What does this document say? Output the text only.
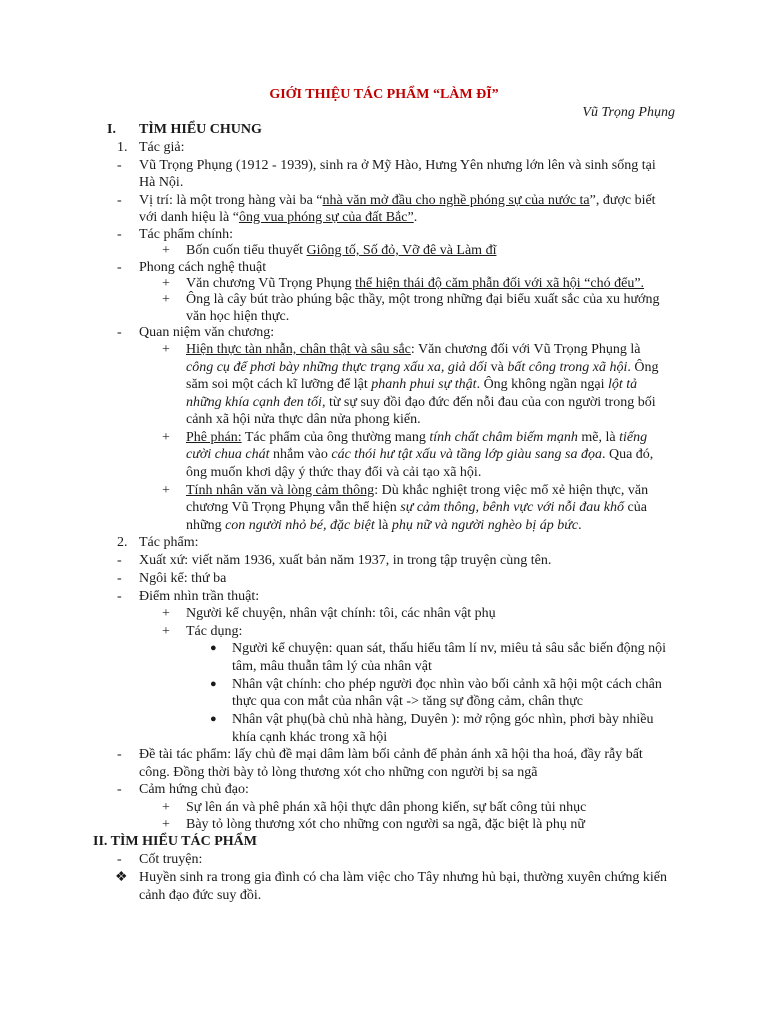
GIỚI THIỆU TÁC PHẨM “LÀM ĐĨ”
Vũ Trọng Phụng
I. TÌM HIỂU CHUNG
1. Tác giả:
- Vũ Trọng Phụng (1912 - 1939), sinh ra ở Mỹ Hào, Hưng Yên nhưng lớn lên và sinh sống tại
Hà Nội.
- Vị trí: là một trong hàng vài ba “nhà văn mở đầu cho nghề phóng sự của nước ta”, được biết
với danh hiệu là “ông vua phóng sự của đất Bắc”.
- Tác phẩm chính:
+ Bốn cuốn tiểu thuyết Giông tố, Số đỏ, Vỡ đê và Làm đĩ
- Phong cách nghệ thuật
+ Văn chương Vũ Trọng Phụng thể hiện thái độ căm phẫn đối với xã hội “chó đểu”.
+ Ông là cây bút trào phúng bậc thầy, một trong những đại biểu xuất sắc của xu hướng
văn học hiện thực.
- Quan niệm văn chương:
+ Hiện thực tàn nhẫn, chân thật và sâu sắc: Văn chương đối với Vũ Trọng Phụng là
công cụ để phơi bày những thực trạng xấu xa, giả dối và bất công trong xã hội. Ông
săm soi một cách kĩ lưỡng để lật phanh phui sự thật. Ông không ngần ngại lột tả
những khía cạnh đen tối, từ sự suy đồi đạo đức đến nỗi đau của con người trong bối
cảnh xã hội nửa thực dân nửa phong kiến.
+ Phê phán: Tác phẩm của ông thường mang tính chất châm biếm mạnh mẽ, là tiếng
cười chua chát nhắm vào các thói hư tật xấu và tầng lớp giàu sang sa đọa. Qua đó,
ông muốn khơi dậy ý thức thay đổi và cải tạo xã hội.
+ Tính nhân văn và lòng cảm thông: Dù khắc nghiệt trong việc mổ xẻ hiện thực, văn
chương Vũ Trọng Phụng vẫn thể hiện sự cảm thông, bênh vực với nỗi đau khổ của
những con người nhỏ bé, đặc biệt là phụ nữ và người nghèo bị áp bức.
2. Tác phẩm:
- Xuất xứ: viết năm 1936, xuất bản năm 1937, in trong tập truyện cùng tên.
- Ngôi kể: thứ ba
- Điểm nhìn trần thuật:
+ Người kể chuyện, nhân vật chính: tôi, các nhân vật phụ
+ Tác dụng:
● Người kể chuyện: quan sát, thấu hiểu tâm lí nv, miêu tả sâu sắc biến động nội
tâm, mâu thuẫn tâm lý của nhân vật
● Nhân vật chính: cho phép người đọc nhìn vào bối cảnh xã hội một cách chân
thực qua con mắt của nhân vật -> tăng sự đồng cảm, chân thực
● Nhân vật phụ(bà chủ nhà hàng, Duyên ): mở rộng góc nhìn, phơi bày nhiều
khía cạnh khác trong xã hội
- Đề tài tác phẩm: lấy chủ đề mại dâm làm bối cảnh để phản ánh xã hội tha hoá, đầy rẫy bất
công. Đồng thời bày tỏ lòng thương xót cho những con người bị sa ngã
- Cảm hứng chủ đạo:
+ Sự lên án và phê phán xã hội thực dân phong kiến, sự bất công tủi nhục
+ Bày tỏ lòng thương xót cho những con người sa ngã, đặc biệt là phụ nữ
II. TÌM HIỂU TÁC PHẨM
- Cốt truyện:
❖ Huyền sinh ra trong gia đình có cha làm việc cho Tây nhưng hủ bại, thường xuyên chứng kiến
cảnh đạo đức suy đồi.
